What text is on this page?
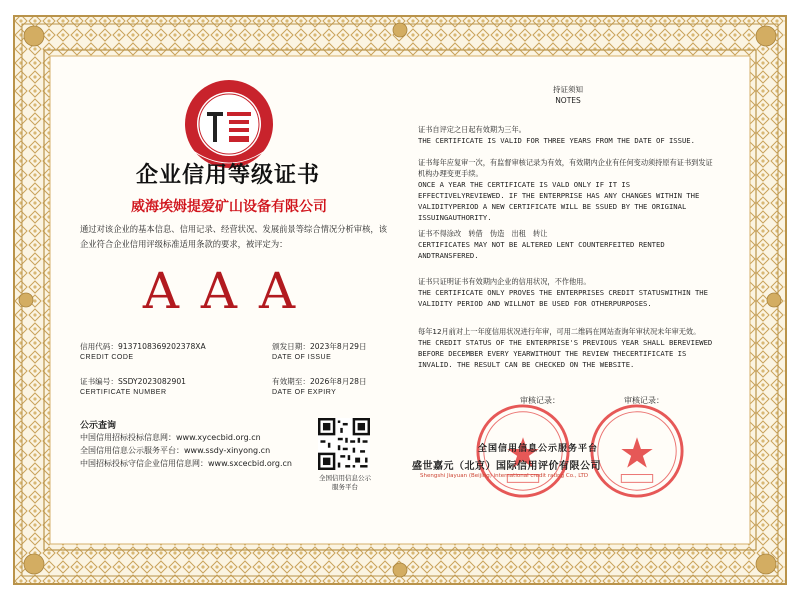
企业信用等级证书
威海埃姆提爱矿山设备有限公司
通过对该企业的基本信息、信用记录、经营状况、发展前景等综合情况分析审核，该企业符合企业信用评级标准适用条款的要求，被评定为：
AAA
信用代码：91371083692023​78XA
CREDIT CODE
颁发日期：2023年8月29日
DATE OF ISSUE
证书编号：SSDY2023082901
CERTIFICATE NUMBER
有效期至：2026年8月28日
DATE OF EXPIRY
公示查询
中国信用招标投标信息网：www.xycecbid.org.cn
全国信用信息公示服务平台：www.ssdy-xinyong.cn
中国招标投标守信企业信用信息网：www.sxcecbid.org.cn
全国信用信息公示
服务平台
持证须知
NOTES
证书自评定之日起有效期为三年。
THE CERTIFICATE IS VALID FOR THREE YEARS FROM THE DATE OF ISSUE.
证书每年应复审一次，有监督审核记录为有效，有效期内企业有任何变动须持原有证书到发证机构办理变更手续。
ONCE A YEAR THE CERTIFICATE IS VALD ONLY IF IT IS EFFECTIVELYREVIEWED. IF THE ENTERPRISE HAS ANY CHANGES WITHIN THE VALIDITYPERIOD A NEW CERTIFICATE WILL BE SSUED BY THE ORIGINAL ISSUINGAUTHORITY.
证书不得涂改　转借　伪造　出租　转让
CERTIFICATES MAY NOT BE ALTERED LENT COUNTERFEITED RENTED ANDTRANSFERED.
证书只证明证书有效期内企业的信用状况，不作他用。
THE CERTIFICATE ONLY PROVES THE ENTERPRISES CREDIT STATUSWITHIN THE VALIDITY PERIOD AND WILLNOT BE USED FOR OTHERPURPOSES.
每年12月前对上一年度信用状况进行年审，可用二维码在网站查询年审状况未年审无效。
THE CREDIT STATUS OF THE ENTERPRISE'S PREVIOUS YEAR SHALL BEREVIEWED BEFORE DECEMBER EVERY YEARWITHOUT THE REVIEW THECERTIFICATE IS INVALID. THE RESULT CAN BE CHECKED ON THE WEBSITE.
审核记录：	审核记录：
全国信用信息公示服务平台
盛世嘉元（北京）国际信用评价有限公司
Shengshi Jiayuan (Beijing) international credit rating Co., LTD
